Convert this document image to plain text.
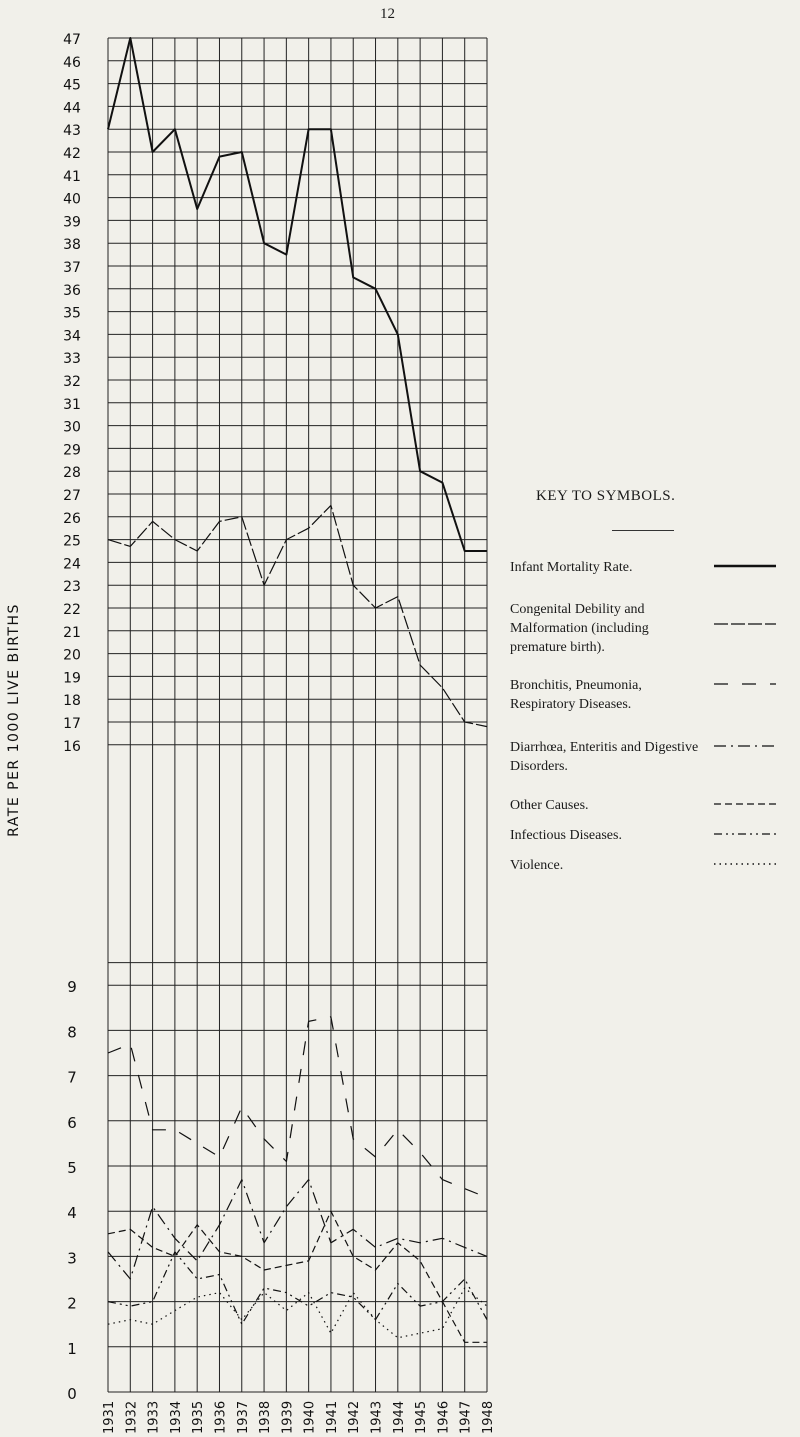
47
46
45
44
43
42
41
40
39
38
37
36
35
34
33
32
31
30
29
28
27
26
25
24
23
22
21
20
19
18
17
16
9
8
7
6
5
4
3
2
1
0
1931 1932 1933 1934 1935 1936 1937 1938 1939 1940 1941 1942 1943 1944 1945 1946 1947 1948
RATE PER 1000 LIVE BIRTHS
12
KEY TO SYMBOLS.
Infant Mortality Rate.
Congenital Debility and Malformation (including premature birth).
Bronchitis, Pneumonia, Respiratory Diseases.
Diarrhœa, Enteritis and Digestive Disorders.
Other Causes.
Infectious Diseases.
Violence.
